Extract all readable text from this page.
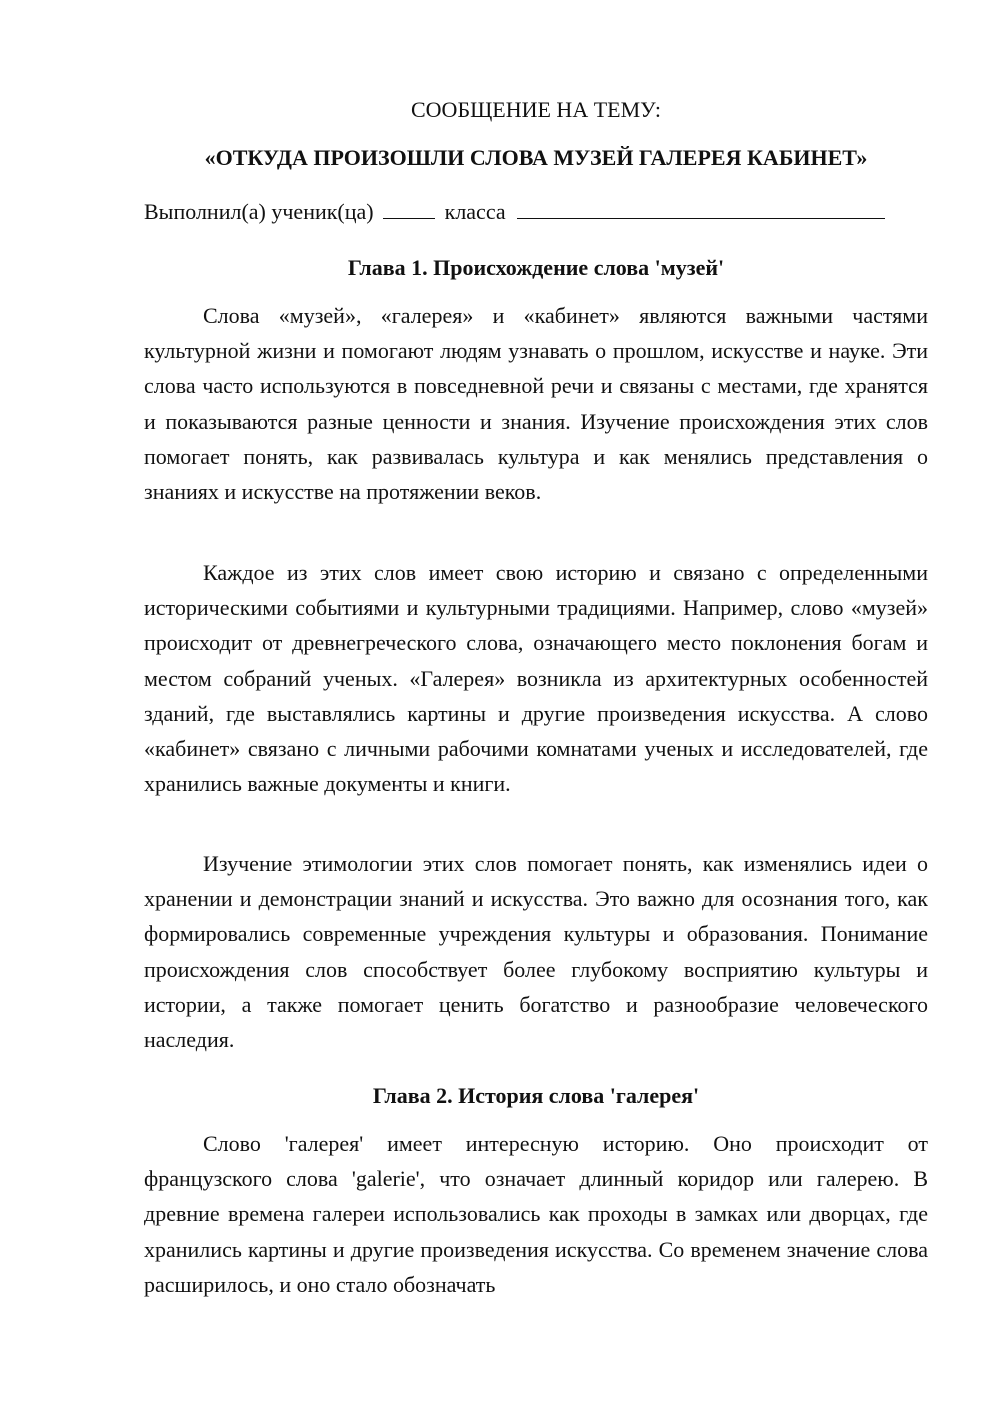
СООБЩЕНИЕ НА ТЕМУ:
«ОТКУДА ПРОИЗОШЛИ СЛОВА МУЗЕЙ ГАЛЕРЕЯ КАБИНЕТ»
Выполнил(а) ученик(ца)	класса
Глава 1. Происхождение слова 'музей'

Слова «музей», «галерея» и «кабинет» являются важными частями культурной жизни и помогают людям узнавать о прошлом, искусстве и науке. Эти слова часто используются в повседневной речи и связаны с местами, где хранятся и показываются разные ценности и знания. Изучение происхождения этих слов помогает понять, как развивалась культура и как менялись представления о знаниях и искусстве на протяжении веков.

Каждое из этих слов имеет свою историю и связано с определенными историческими событиями и культурными традициями. Например, слово «музей» происходит от древнегреческого слова, означающего место поклонения богам и местом собраний ученых. «Галерея» возникла из архитектурных особенностей зданий, где выставлялись картины и другие произведения искусства. А слово «кабинет» связано с личными рабочими комнатами ученых и исследователей, где хранились важные документы и книги.

Изучение этимологии этих слов помогает понять, как изменялись идеи о хранении и демонстрации знаний и искусства. Это важно для осознания того, как формировались современные учреждения культуры и образования. Понимание происхождения слов способствует более глубокому восприятию культуры и истории, а также помогает ценить богатство и разнообразие человеческого наследия.

Глава 2. История слова 'галерея'

Слово 'галерея' имеет интересную историю. Оно происходит от французского слова 'galerie', что означает длинный коридор или галерею. В древние времена галереи использовались как проходы в замках или дворцах, где хранились картины и другие произведения искусства. Со временем значение слова расширилось, и оно стало обозначать
